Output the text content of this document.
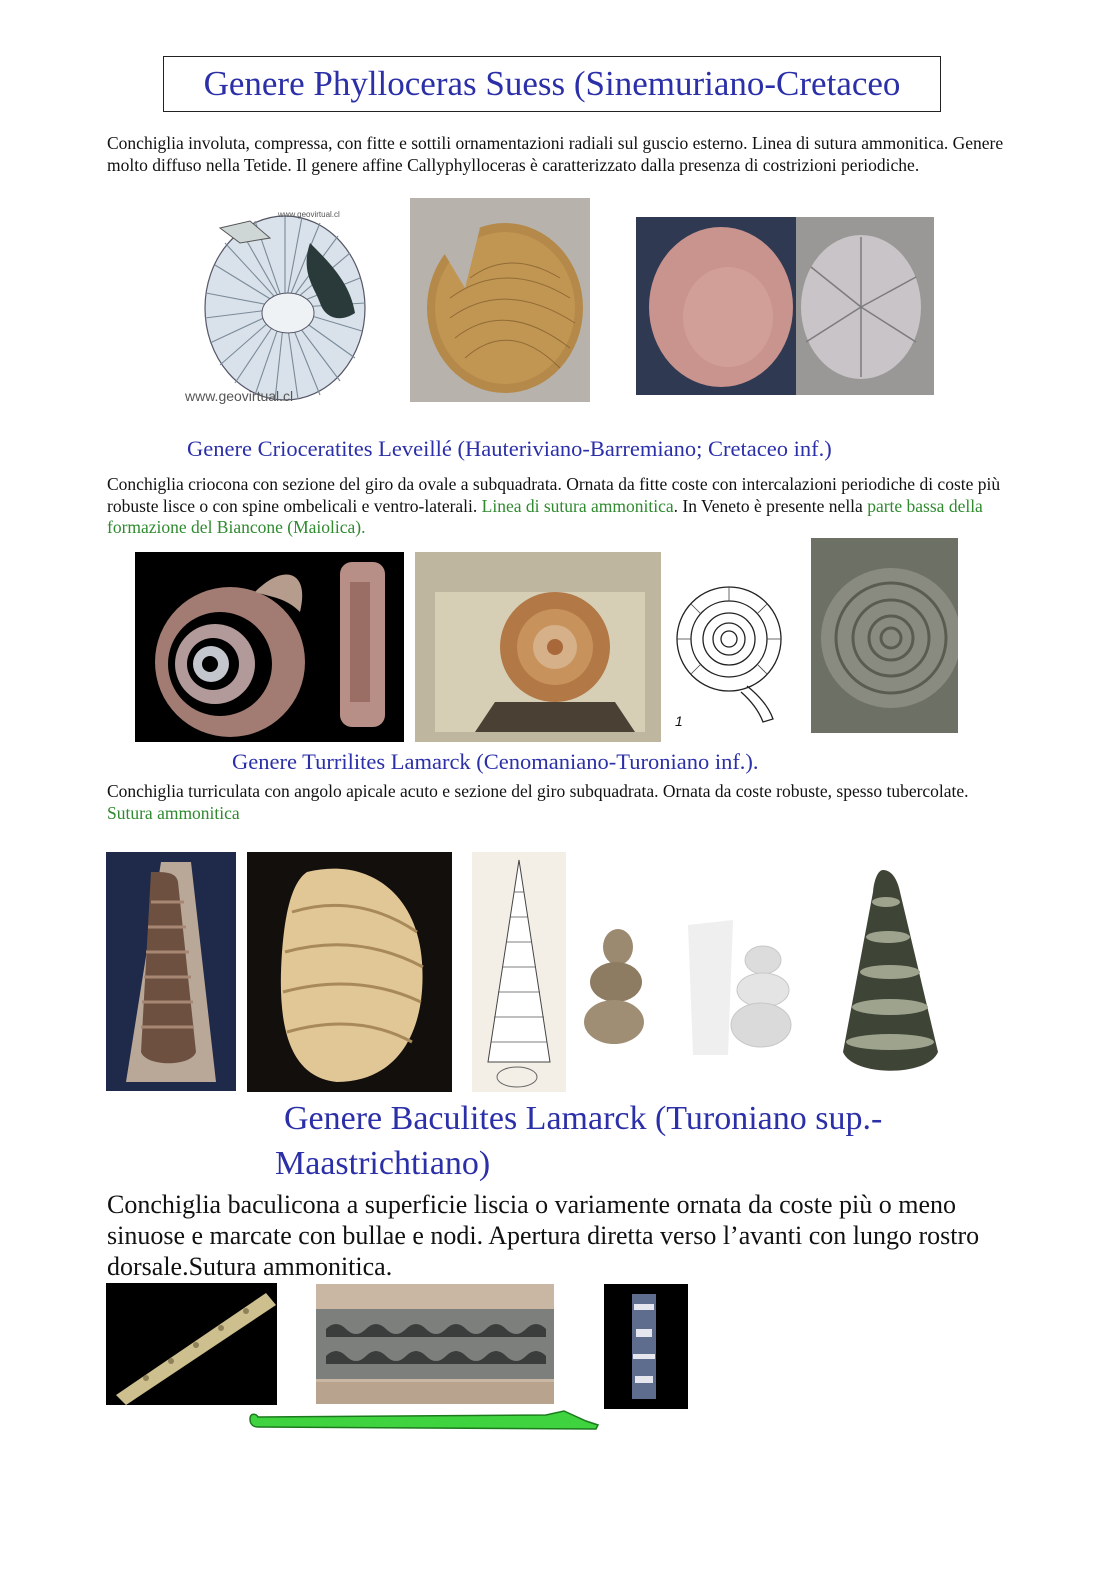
Genere Phylloceras Suess (Sinemuriano-Cretaceo
Conchiglia involuta, compressa, con fitte e sottili ornamentazioni radiali sul guscio esterno. Linea di sutura ammonitica. Genere molto diffuso nella Tetide. Il genere affine Callyphylloceras è caratterizzato dalla presenza di costrizioni periodiche.
www.geovirtual.cl
www.geovirtual.cl
Genere Crioceratites Leveillé (Hauteriviano-Barremiano; Cretaceo inf.)
Conchiglia criocona con sezione del giro da ovale a subquadrata. Ornata da fitte coste con intercalazioni periodiche di coste più robuste lisce o con spine ombelicali e ventro-laterali. Linea di sutura ammonitica. In Veneto è presente nella parte bassa della formazione del Biancone (Maiolica).
1
Genere Turrilites Lamarck (Cenomaniano-Turoniano inf.).
Conchiglia turriculata con angolo apicale acuto e sezione del giro subquadrata. Ornata da coste robuste, spesso tubercolate. Sutura ammonitica
Genere Baculites Lamarck (Turoniano sup.-
Maastrichtiano)
Conchiglia baculicona a superficie liscia o variamente ornata da coste più o meno sinuose e marcate con bullae e nodi. Apertura diretta verso l’avanti con lungo rostro dorsale.Sutura ammonitica.
